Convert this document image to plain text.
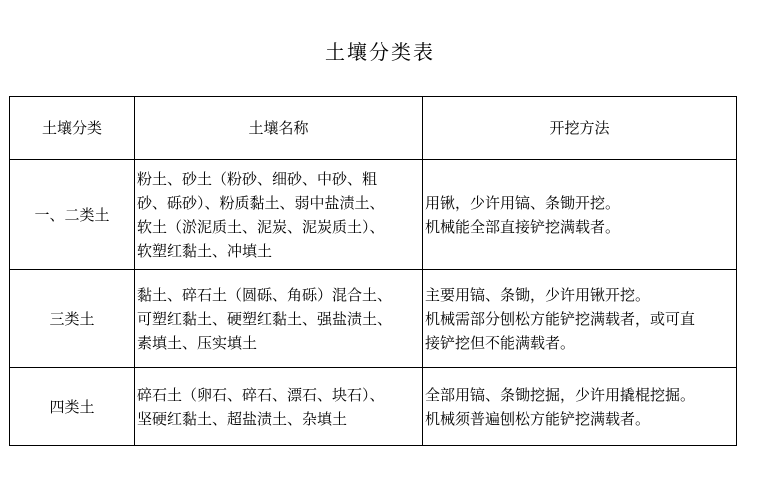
土壤分类表
土壤分类	土壤名称	开挖方法
一、二类土	粉土、砂土（粉砂、细砂、中砂、粗
砂、砾砂）、粉质黏土、弱中盐渍土、
软土（淤泥质土、泥炭、泥炭质土）、
软塑红黏土、冲填土	用锹，少许用镐、条锄开挖。
机械能全部直接铲挖满载者。

三类土	黏土、碎石土（圆砾、角砾）混合土、
可塑红黏土、硬塑红黏土、强盐渍土、
素填土、压实填土	主要用镐、条锄，少许用锹开挖。
机械需部分刨松方能铲挖满载者，或可直
接铲挖但不能满载者。

四类土	碎石土（卵石、碎石、漂石、块石）、
坚硬红黏土、超盐渍土、杂填土	全部用镐、条锄挖掘，少许用撬棍挖掘。
机械须普遍刨松方能铲挖满载者。
